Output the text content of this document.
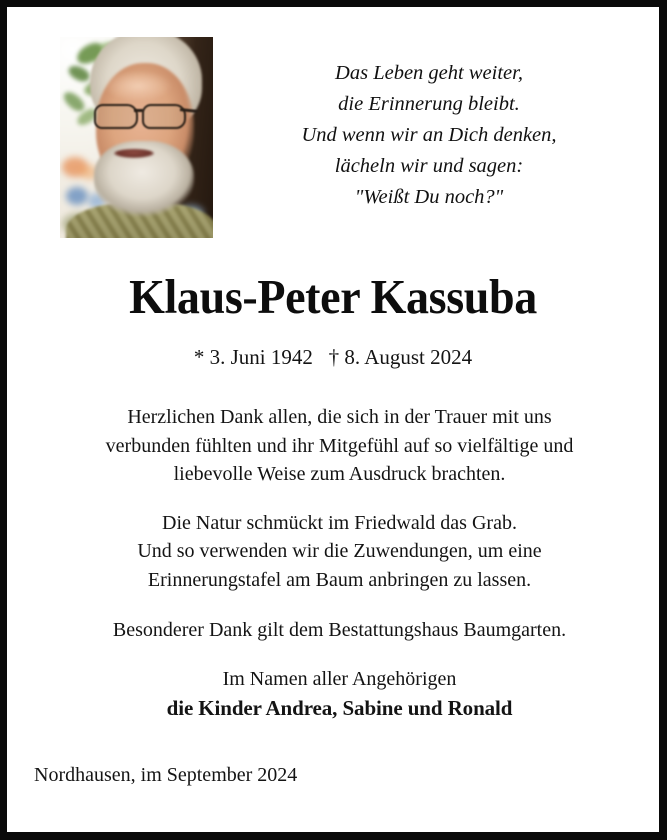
Das Leben geht weiter,
die Erinnerung bleibt.
Und wenn wir an Dich denken,
lächeln wir und sagen:
"Weißt Du noch?"
Klaus-Peter Kassuba
* 3. Juni 1942   † 8. August 2024

Herzlichen Dank allen, die sich in der Trauer mit uns
verbunden fühlten und ihr Mitgefühl auf so vielfältige und
liebevolle Weise zum Ausdruck brachten.

Die Natur schmückt im Friedwald das Grab.
Und so verwenden wir die Zuwendungen, um eine
Erinnerungstafel am Baum anbringen zu lassen.

Besonderer Dank gilt dem Bestattungshaus Baumgarten.

Im Namen aller Angehörigen
die Kinder Andrea, Sabine und Ronald
Nordhausen, im September 2024
